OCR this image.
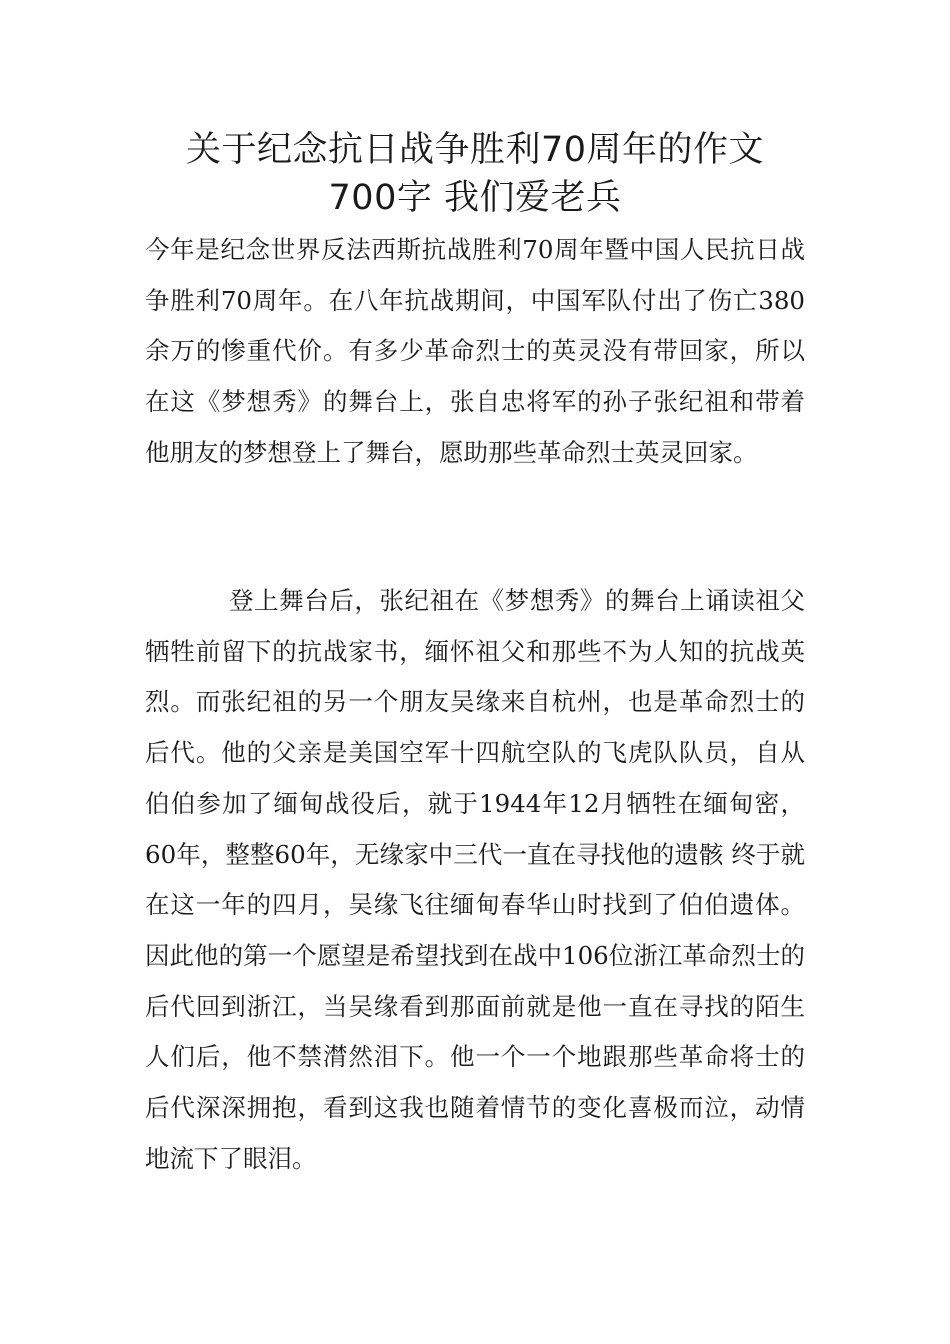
关于纪念抗日战争胜利70周年的作文
700字 我们爱老兵

今年是纪念世界反法西斯抗战胜利70周年暨中国人民抗日战争胜利70周年。在八年抗战期间，中国军队付出了伤亡380余万的惨重代价。有多少革命烈士的英灵没有带回家，所以在这《梦想秀》的舞台上，张自忠将军的孙子张纪祖和带着他朋友的梦想登上了舞台，愿助那些革命烈士英灵回家。

登上舞台后，张纪祖在《梦想秀》的舞台上诵读祖父牺牲前留下的抗战家书，缅怀祖父和那些不为人知的抗战英烈。而张纪祖的另一个朋友吴缘来自杭州，也是革命烈士的后代。他的父亲是美国空军十四航空队的飞虎队队员，自从伯伯参加了缅甸战役后，就于1944年12月牺牲在缅甸密，60年，整整60年，无缘家中三代一直在寻找他的遗骸 终于就在这一年的四月，吴缘飞往缅甸春华山时找到了伯伯遗体。因此他的第一个愿望是希望找到在战中106位浙江革命烈士的后代回到浙江，当吴缘看到那面前就是他一直在寻找的陌生人们后，他不禁潸然泪下。他一个一个地跟那些革命将士的后代深深拥抱，看到这我也随着情节的变化喜极而泣，动情地流下了眼泪。
